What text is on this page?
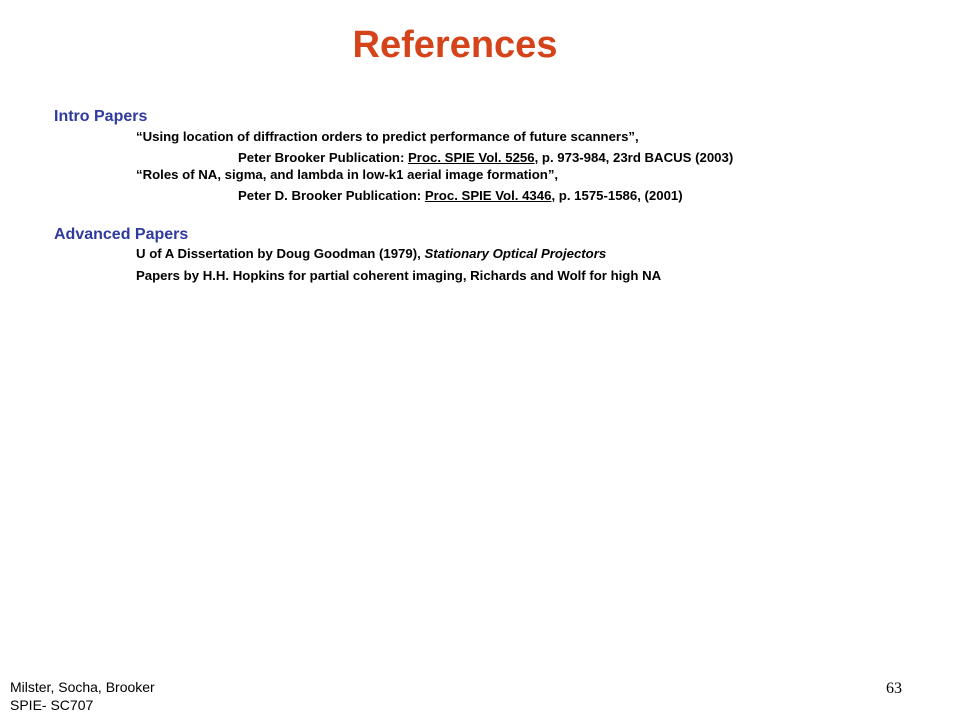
References
Intro Papers
“Using location of diffraction orders to predict performance of future scanners”,
Peter Brooker Publication: Proc. SPIE Vol. 5256, p. 973-984, 23rd BACUS (2003)
“Roles of NA, sigma, and lambda in low-k1 aerial image formation”,
Peter D. Brooker Publication: Proc. SPIE Vol. 4346, p. 1575-1586, (2001)
Advanced Papers
U of A Dissertation by Doug Goodman (1979), Stationary Optical Projectors
Papers by H.H. Hopkins for partial coherent imaging, Richards and Wolf for high NA
Milster, Socha, Brooker
SPIE- SC707
63
